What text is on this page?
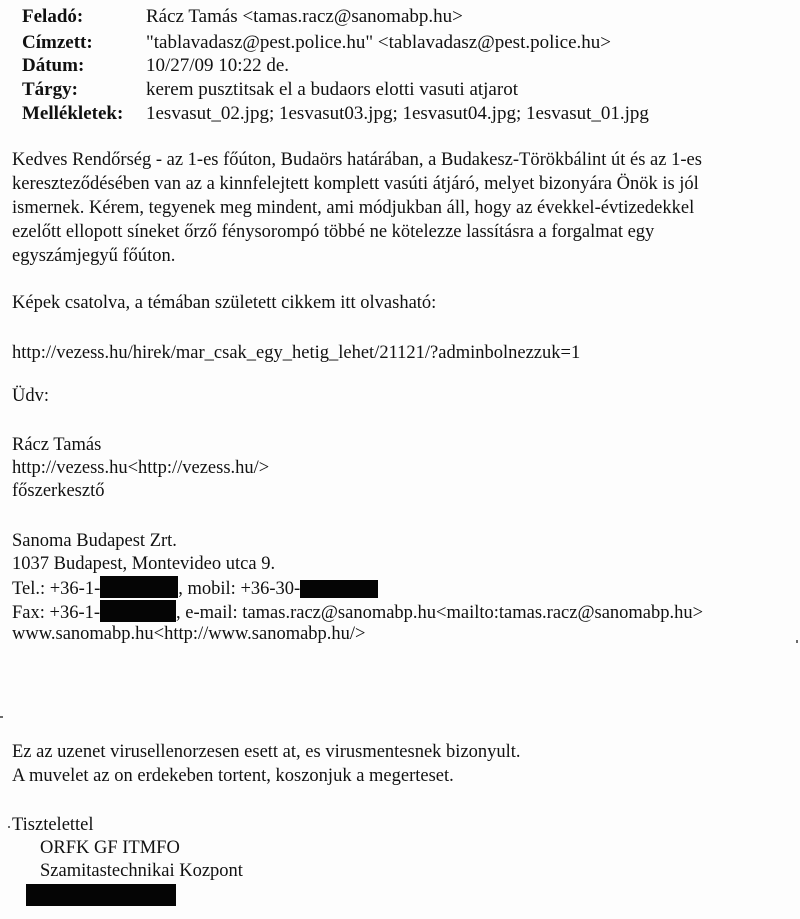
Feladó:	Rácz Tamás <tamas.racz@sanomabp.hu>
Címzett:	"tablavadasz@pest.police.hu" <tablavadasz@pest.police.hu>
Dátum:	10/27/09 10:22 de.
Tárgy:	kerem pusztitsak el a budaors elotti vasuti atjarot
Mellékletek: 1esvasut_02.jpg; 1esvasut03.jpg; 1esvasut04.jpg; 1esvasut_01.jpg
Kedves Rendőrség - az 1-es főúton, Budaörs határában, a Budakesz-Törökbálint út és az 1-es
kereszteződésében van az a kinnfelejtett komplett vasúti átjáró, melyet bizonyára Önök is jól
ismernek. Kérem, tegyenek meg mindent, ami módjukban áll, hogy az évekkel-évtizedekkel
ezelőtt ellopott síneket őrző fénysorompó többé ne kötelezze lassításra a forgalmat egy
egyszámjegyű főúton.
Képek csatolva, a témában született cikkem itt olvasható:
http://vezess.hu/hirek/mar_csak_egy_hetig_lehet/21121/?adminbolnezzuk=1
Üdv:
Rácz Tamás
http://vezess.hu<http://vezess.hu/>
főszerkesztő
Sanoma Budapest Zrt.
1037 Budapest, Montevideo utca 9.
Tel.: +36-1-	, mobil: +36-30-
Fax: +36-1-	, e-mail: tamas.racz@sanomabp.hu<mailto:tamas.racz@sanomabp.hu>
www.sanomabp.hu<http://www.sanomabp.hu/>
Ez az uzenet virusellenorzesen esett at, es virusmentesnek bizonyult.
A muvelet az on erdekeben tortent, koszonjuk a megerteset.
Tisztelettel
ORFK GF ITMFO
Szamitastechnikai Kozpont
